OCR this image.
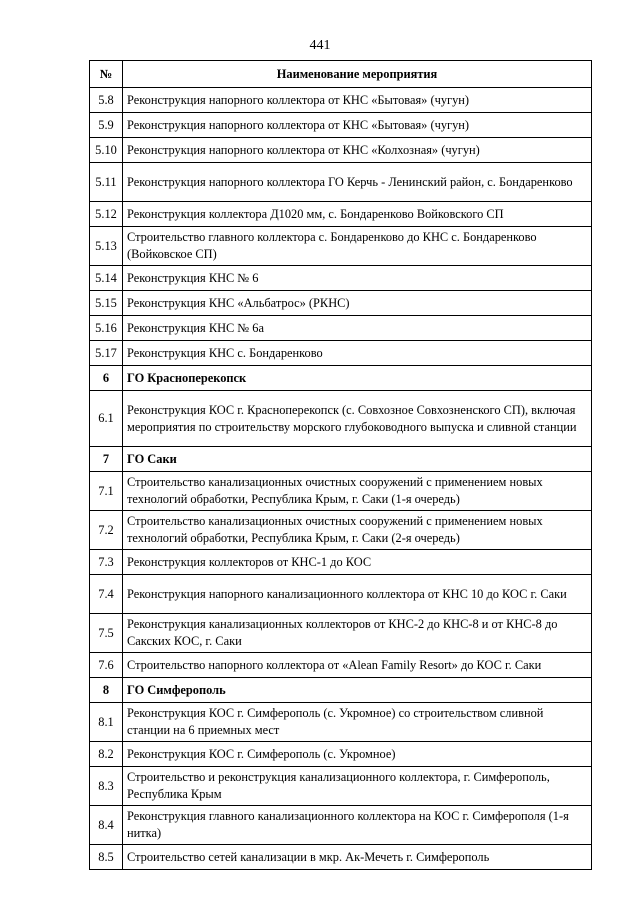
441
№	Наименование мероприятия
5.8	Реконструкция напорного коллектора от КНС «Бытовая» (чугун)
5.9	Реконструкция напорного коллектора от КНС «Бытовая» (чугун)
5.10	Реконструкция напорного коллектора от КНС «Колхозная» (чугун)
5.11	Реконструкция напорного коллектора ГО Керчь - Ленинский район, с. Бондаренково
5.12	Реконструкция коллектора Д1020 мм, с. Бондаренково Войковского СП
5.13	Строительство главного коллектора с. Бондаренково до КНС с. Бондаренково (Войковское СП)
5.14	Реконструкция КНС № 6
5.15	Реконструкция КНС «Альбатрос» (РКНС)
5.16	Реконструкция КНС № 6а
5.17	Реконструкция КНС с. Бондаренково
6	ГО Красноперекопск
6.1	Реконструкция КОС г. Красноперекопск (с. Совхозное Совхозненского СП), включая мероприятия по строительству морского глубоководного выпуска и сливной станции
7	ГО Саки
7.1	Строительство канализационных очистных сооружений с применением новых технологий обработки, Республика Крым, г. Саки (1-я очередь)
7.2	Строительство канализационных очистных сооружений с применением новых технологий обработки, Республика Крым, г. Саки (2-я очередь)
7.3	Реконструкция коллекторов от КНС-1 до КОС
7.4	Реконструкция напорного канализационного коллектора от КНС 10 до КОС г. Саки
7.5	Реконструкция канализационных коллекторов от КНС-2 до КНС-8 и от КНС-8 до Сакских КОС, г. Саки
7.6	Строительство напорного коллектора от «Alean Family Resort» до КОС г. Саки
8	ГО Симферополь
8.1	Реконструкция КОС г. Симферополь (с. Укромное) со строительством сливной станции на 6 приемных мест
8.2	Реконструкция КОС г. Симферополь (с. Укромное)
8.3	Строительство и реконструкция канализационного коллектора, г. Симферополь, Республика Крым
8.4	Реконструкция главного канализационного коллектора на КОС г. Симферополя (1-я нитка)
8.5	Строительство сетей канализации в мкр. Ак-Мечеть г. Симферополь
